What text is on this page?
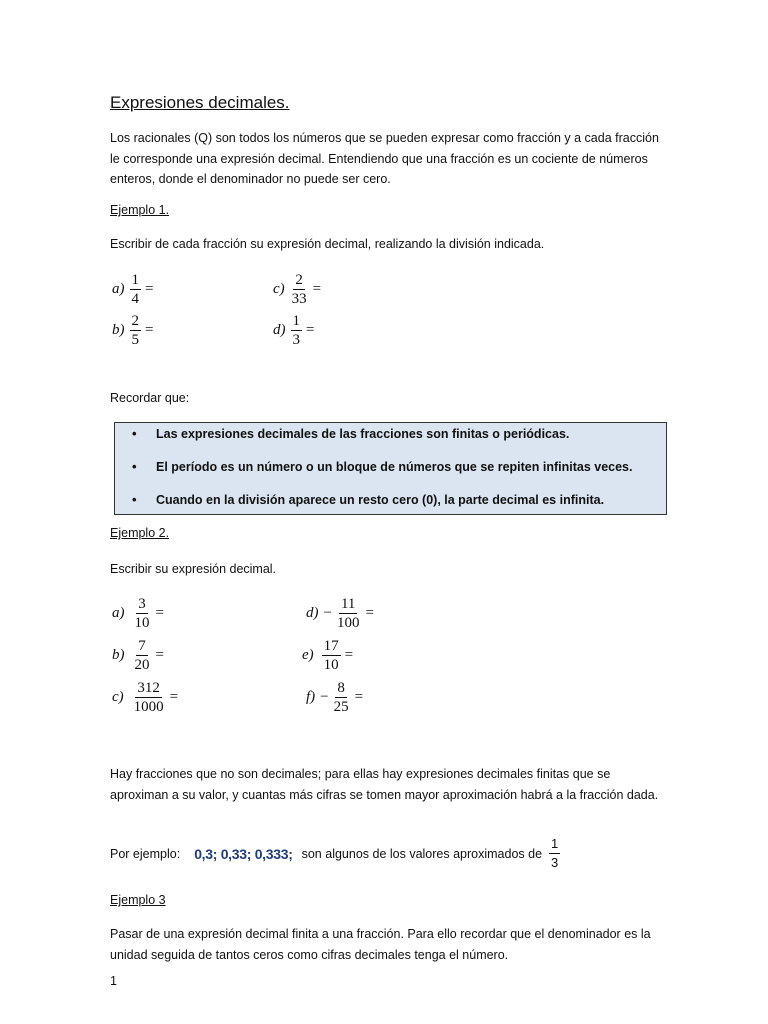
Expresiones decimales.
Los racionales (Q) son todos los números que se pueden expresar como fracción y a cada fracción le corresponde una expresión decimal. Entendiendo que una fracción es un cociente de números enteros, donde el denominador no puede ser cero.
Ejemplo 1.
Escribir de cada fracción su expresión decimal, realizando la división indicada.
$a) \frac{1}{4}$ =	$c) \frac{2}{33}$ =
$b) \frac{2}{5}$ =	$d) \frac{1}{3}$ =
Recordar que:
• Las expresiones decimales de las fracciones son finitas o periódicas.
• El período es un número o un bloque de números que se repiten infinitas veces.
• Cuando en la división aparece un resto cero (0), la parte decimal es infinita.
Ejemplo 2.
Escribir su expresión decimal.
$a) \frac{3}{10}$ =	$d) - \frac{11}{100}$ =
$b) \frac{7}{20}$ =	$e) \frac{17}{10}$ =
$c) \frac{312}{1000}$ =	$f) - \frac{8}{25}$ =
Hay fracciones que no son decimales; para ellas hay expresiones decimales finitas que se aproximan a su valor, y cuantas más cifras se tomen mayor aproximación habrá a la fracción dada.
Por ejemplo: 0,3; 0,33; 0,333; son algunos de los valores aproximados de $\frac{1}{3}$
Ejemplo 3
Pasar de una expresión decimal finita a una fracción. Para ello recordar que el denominador es la unidad seguida de tantos ceros como cifras decimales tenga el número.
1
